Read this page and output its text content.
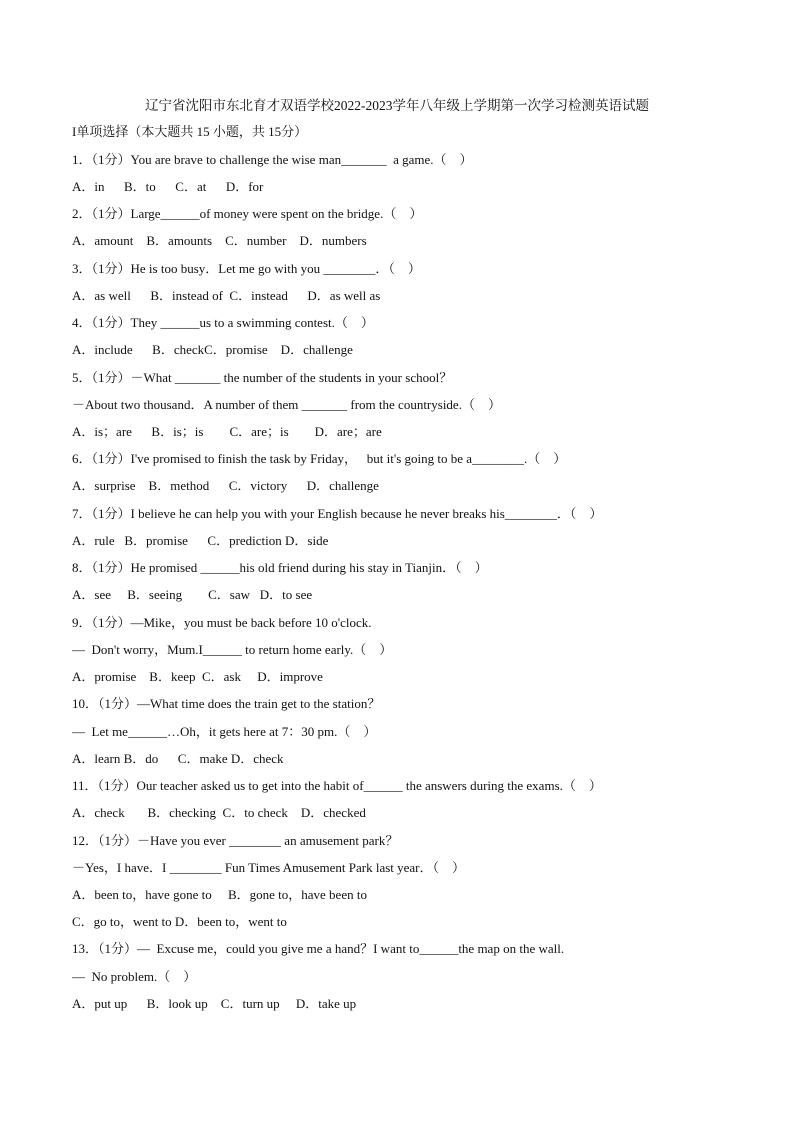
辽宁省沈阳市东北育才双语学校2022-2023学年八年级上学期第一次学习检测英语试题
I单项选择（本大题共 15 小题，共 15分）
1．（1分）You are brave to challenge the wise man_______  a game.（    ）
A．in      B．to      C．at      D．for
2．（1分）Large______of money were spent on the bridge.（    ）
A．amount    B．amounts    C．number    D．numbers
3．（1分）He is too busy．Let me go with you ________．（    ）
A．as well      B．instead of  C．instead      D．as well as
4．（1分）They ______us to a swimming contest.（    ）
A．include      B．checkC．promise    D．challenge
5．（1分）－What _______ the number of the students in your school？
－About two thousand．A number of them _______ from the countryside.（    ）
A．is；are      B．is；is        C．are；is        D．are；are
6．（1分）I've promised to finish the task by Friday，   but it's going to be a________.（    ）
A．surprise    B．method      C．victory      D．challenge
7．（1分）I believe he can help you with your English because he never breaks his________．（    ）
A．rule   B．promise      C．prediction D．side
8．（1分）He promised ______his old friend during his stay in Tianjin．（    ）
A．see     B．seeing        C．saw   D．to see
9．（1分）—Mike，you must be back before 10 o'clock.
—  Don't worry，Mum.I______ to return home early.（    ）
A．promise    B．keep  C．ask     D．improve
10．（1分）—What time does the train get to the station？
—  Let me______…Oh，it gets here at 7：30 pm.（    ）
A．learn B．do      C．make D．check
11．（1分）Our teacher asked us to get into the habit of______ the answers during the exams.（    ）
A．check       B．checking  C．to check    D．checked
12．（1分）－Have you ever ________ an amusement park？
－Yes，I have．I ________ Fun Times Amusement Park last year．（    ）
A．been to，have gone to     B．gone to，have been to
C．go to，went to D．been to，went to
13．（1分）—  Excuse me，could you give me a hand？I want to______the map on the wall.
—  No problem.（    ）
A．put up      B．look up    C．turn up     D．take up
